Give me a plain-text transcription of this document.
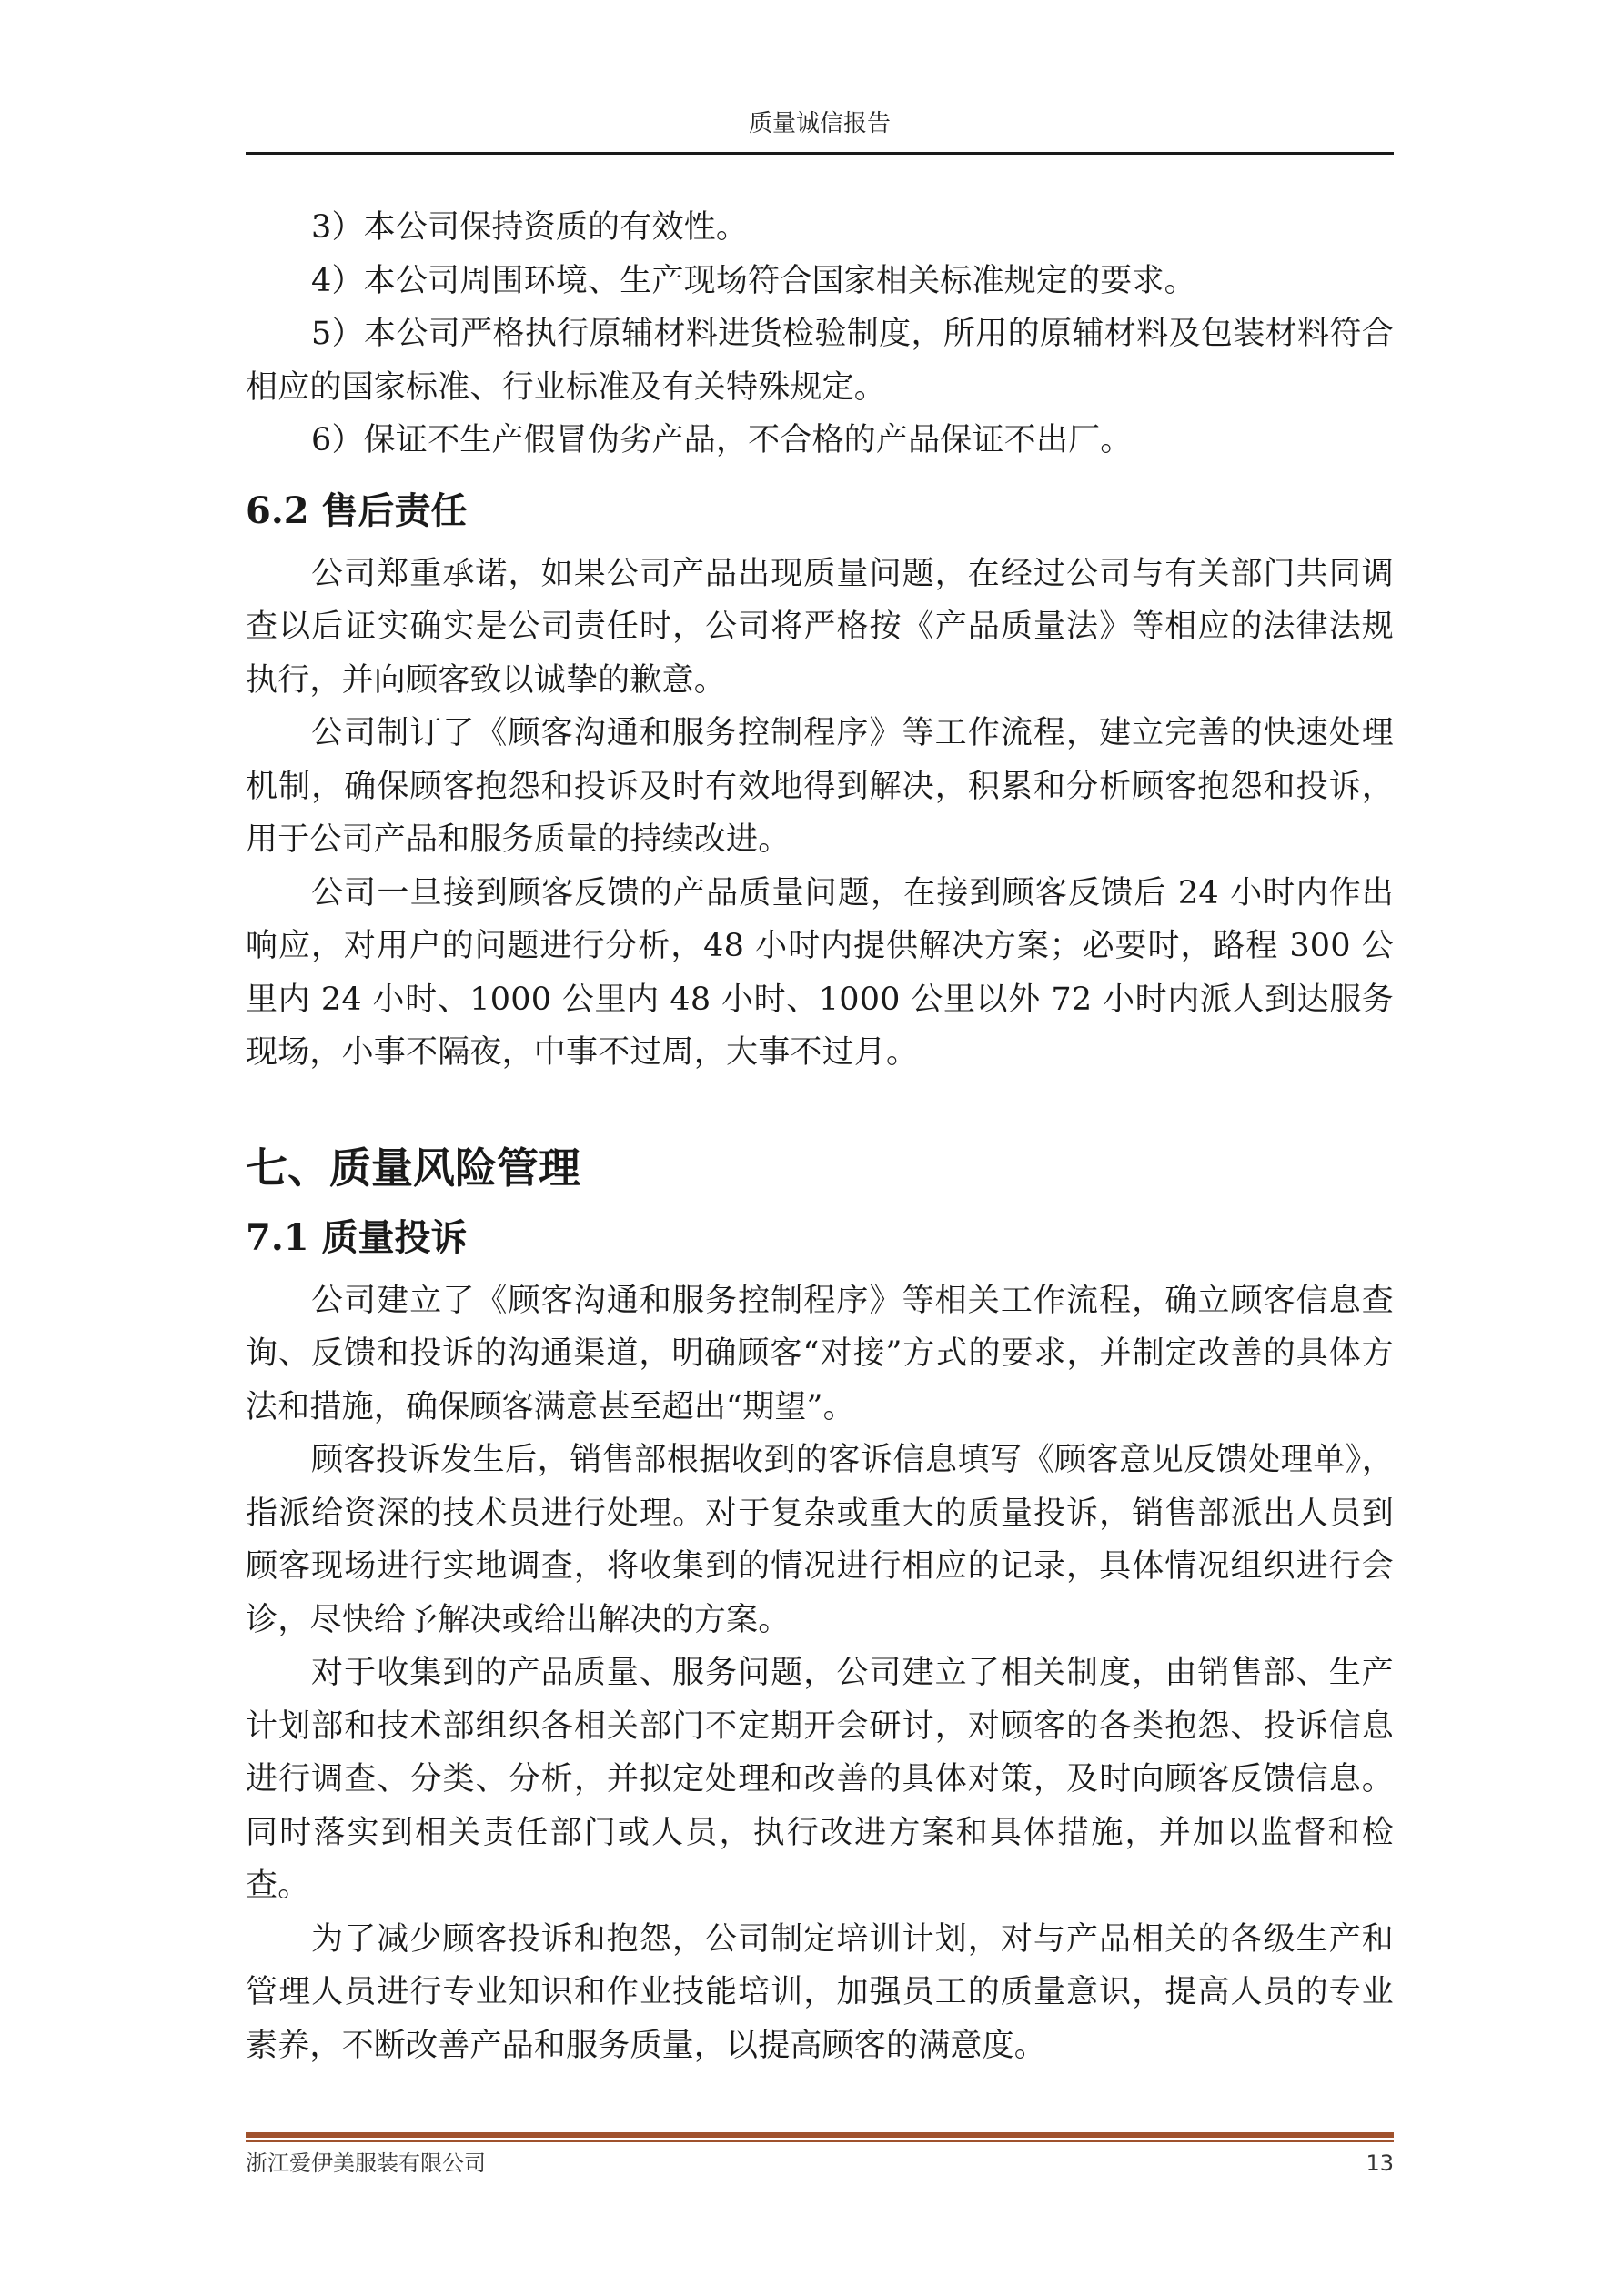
质量诚信报告

3）本公司保持资质的有效性。

4）本公司周围环境、生产现场符合国家相关标准规定的要求。

5）本公司严格执行原辅材料进货检验制度，所用的原辅材料及包装材料符合相应的国家标准、行业标准及有关特殊规定。

6）保证不生产假冒伪劣产品，不合格的产品保证不出厂。

6.2 售后责任

公司郑重承诺，如果公司产品出现质量问题，在经过公司与有关部门共同调查以后证实确实是公司责任时，公司将严格按《产品质量法》等相应的法律法规执行，并向顾客致以诚挚的歉意。

公司制订了《顾客沟通和服务控制程序》等工作流程，建立完善的快速处理机制，确保顾客抱怨和投诉及时有效地得到解决，积累和分析顾客抱怨和投诉，用于公司产品和服务质量的持续改进。

公司一旦接到顾客反馈的产品质量问题，在接到顾客反馈后 24 小时内作出响应，对用户的问题进行分析，48 小时内提供解决方案；必要时，路程 300 公里内 24 小时、1000 公里内 48 小时、1000 公里以外 72 小时内派人到达服务现场，小事不隔夜，中事不过周，大事不过月。

七、质量风险管理
7.1 质量投诉

公司建立了《顾客沟通和服务控制程序》等相关工作流程，确立顾客信息查询、反馈和投诉的沟通渠道，明确顾客“对接”方式的要求，并制定改善的具体方法和措施，确保顾客满意甚至超出“期望”。

顾客投诉发生后，销售部根据收到的客诉信息填写《顾客意见反馈处理单》，指派给资深的技术员进行处理。对于复杂或重大的质量投诉，销售部派出人员到顾客现场进行实地调查，将收集到的情况进行相应的记录，具体情况组织进行会诊，尽快给予解决或给出解决的方案。

对于收集到的产品质量、服务问题，公司建立了相关制度，由销售部、生产计划部和技术部组织各相关部门不定期开会研讨，对顾客的各类抱怨、投诉信息进行调查、分类、分析，并拟定处理和改善的具体对策，及时向顾客反馈信息。同时落实到相关责任部门或人员，执行改进方案和具体措施，并加以监督和检查。

为了减少顾客投诉和抱怨，公司制定培训计划，对与产品相关的各级生产和管理人员进行专业知识和作业技能培训，加强员工的质量意识，提高人员的专业素养，不断改善产品和服务质量，以提高顾客的满意度。

浙江爱伊美服装有限公司	13
